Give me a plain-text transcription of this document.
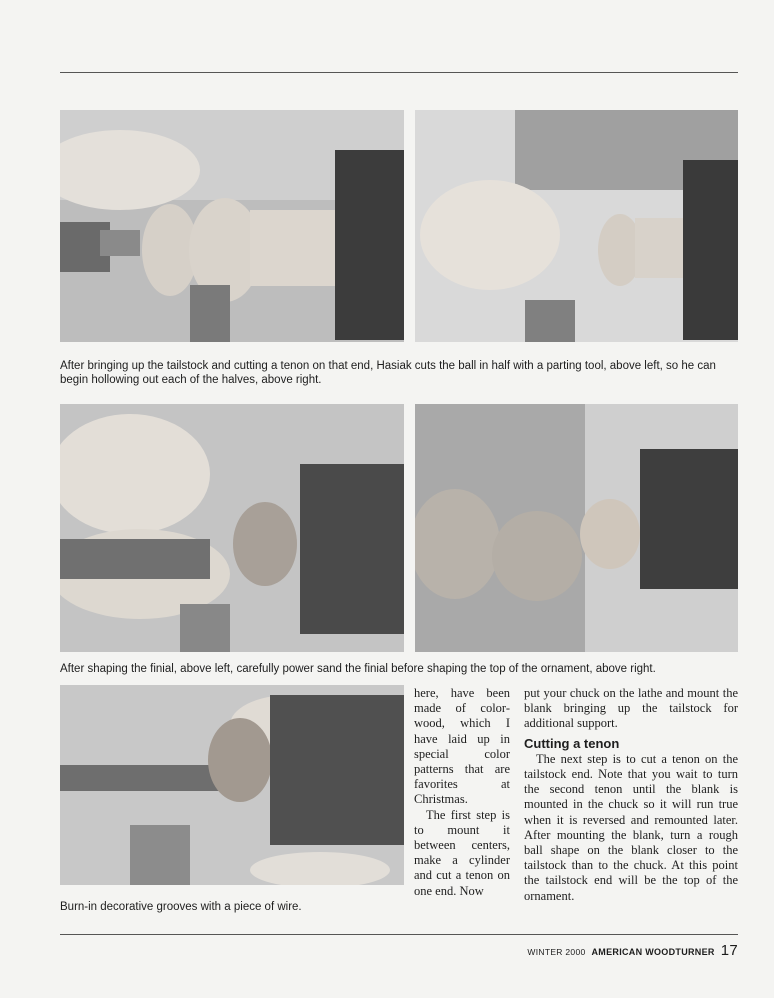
After bringing up the tailstock and cutting a tenon on that end, Hasiak cuts the ball in half with a parting tool, above left, so he can begin hollowing out each of the halves, above right.
After shaping the finial, above left, carefully power sand the finial before shaping the top of the ornament, above right.
Burn-in decorative grooves with a piece of wire.

here, have been made of color-wood, which I have laid up in special color patterns that are favorites at Christmas.

The first step is to mount it between centers, make a cylinder and cut a tenon on one end. Now

put your chuck on the lathe and mount the blank bringing up the tailstock for additional support.

Cutting a tenon

The next step is to cut a tenon on the tailstock end. Note that you wait to turn the second tenon until the blank is mounted in the chuck so it will run true when it is reversed and remounted later. After mounting the blank, turn a rough ball shape on the blank closer to the tailstock than to the chuck. At this point the tailstock end will be the top of the ornament.

WINTER 2000 AMERICAN WOODTURNER 17
